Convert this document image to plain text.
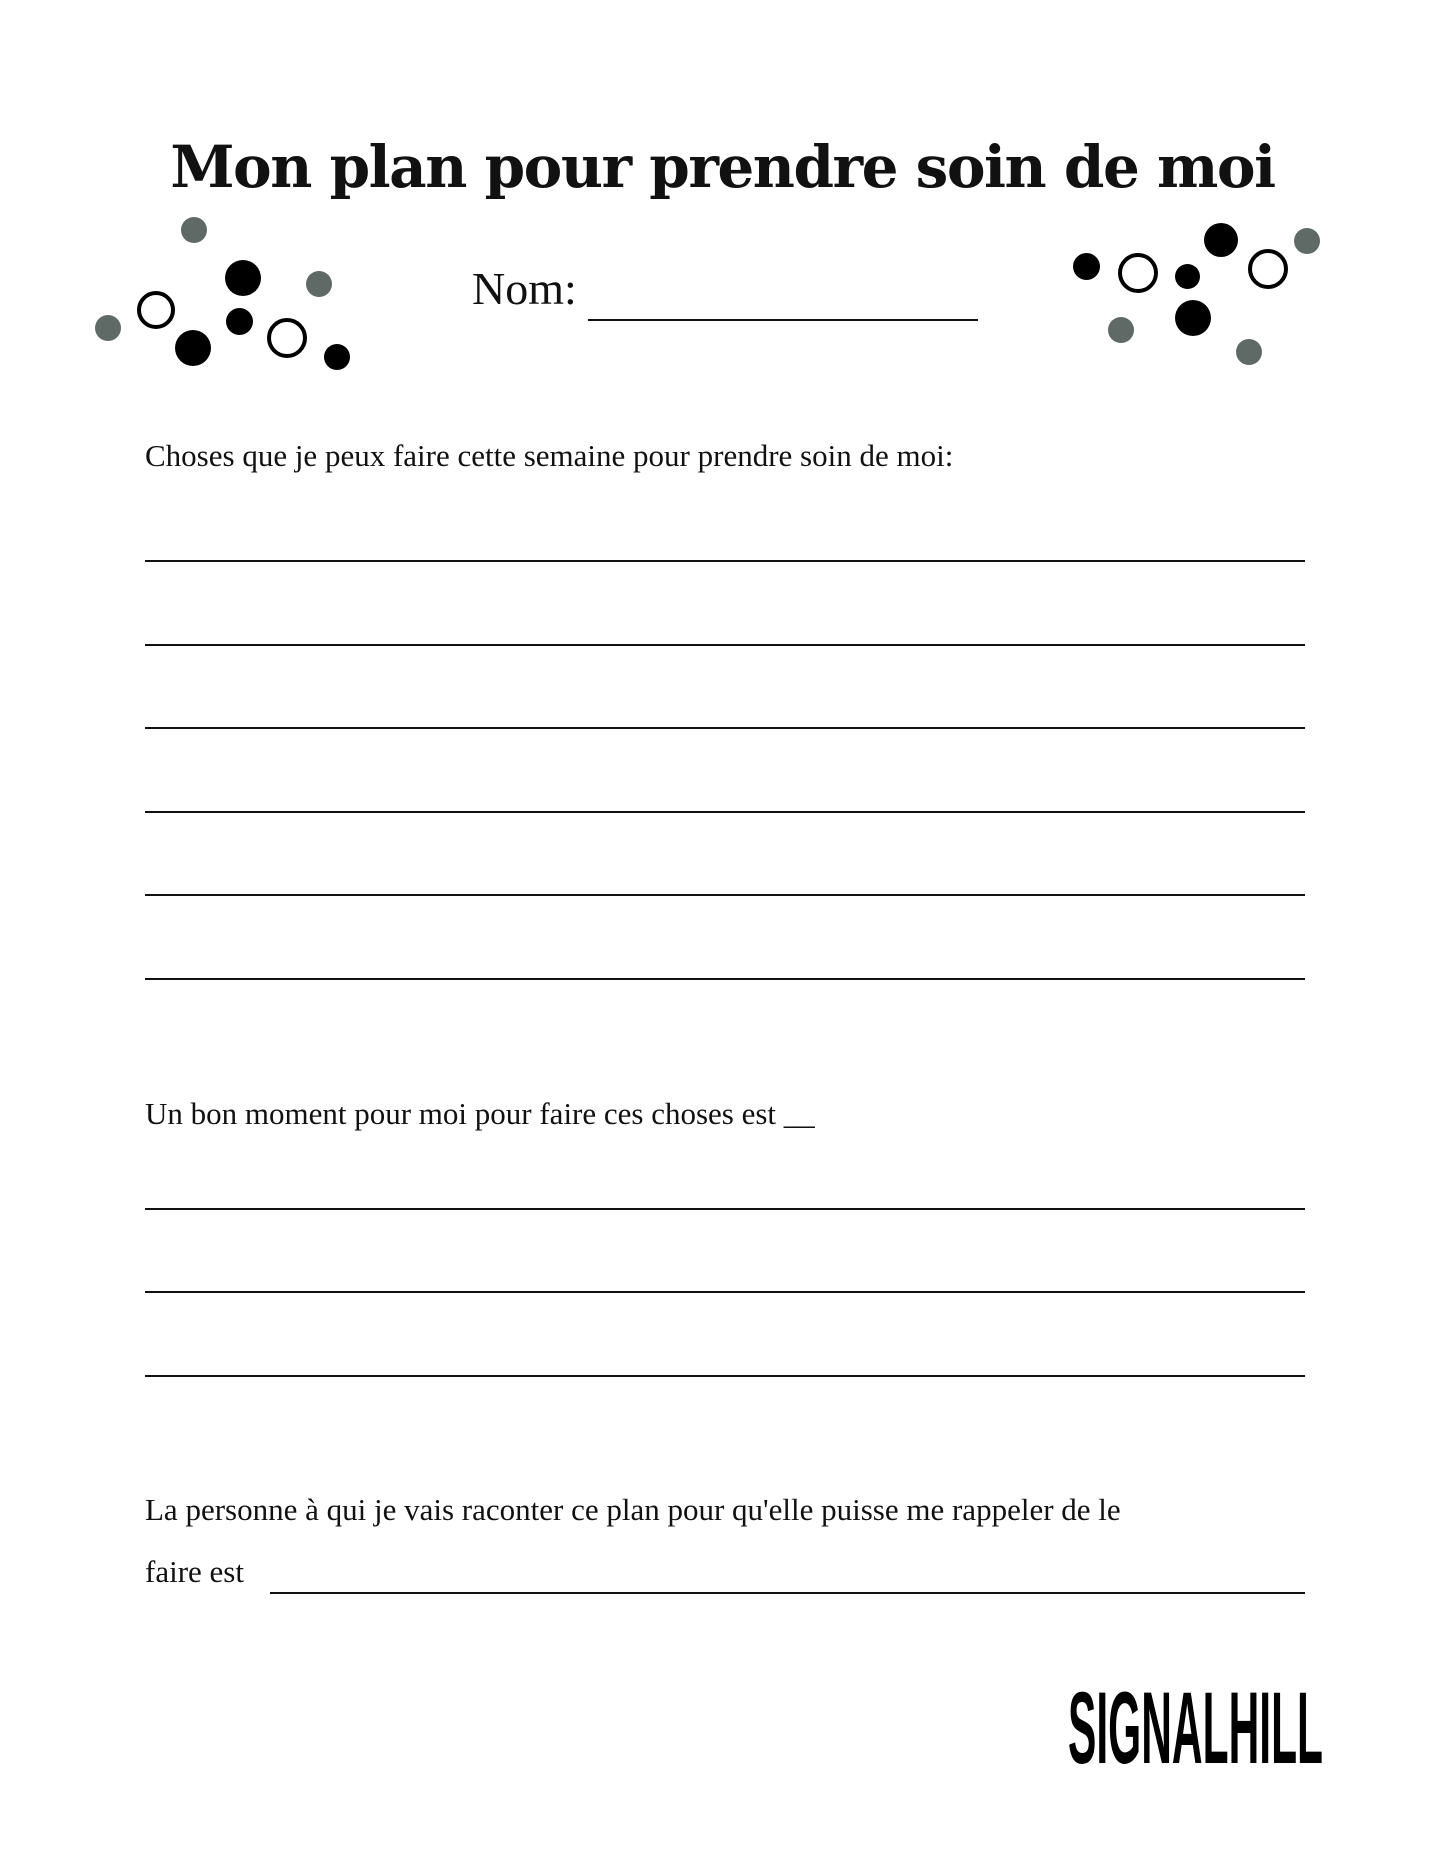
Mon plan pour prendre soin de moi
Nom:
Choses que je peux faire cette semaine pour prendre soin de moi:
Un bon moment pour moi pour faire ces choses est __
La personne à qui je vais raconter ce plan pour qu'elle puisse me rappeler de le
faire est
SIGNALHILL
